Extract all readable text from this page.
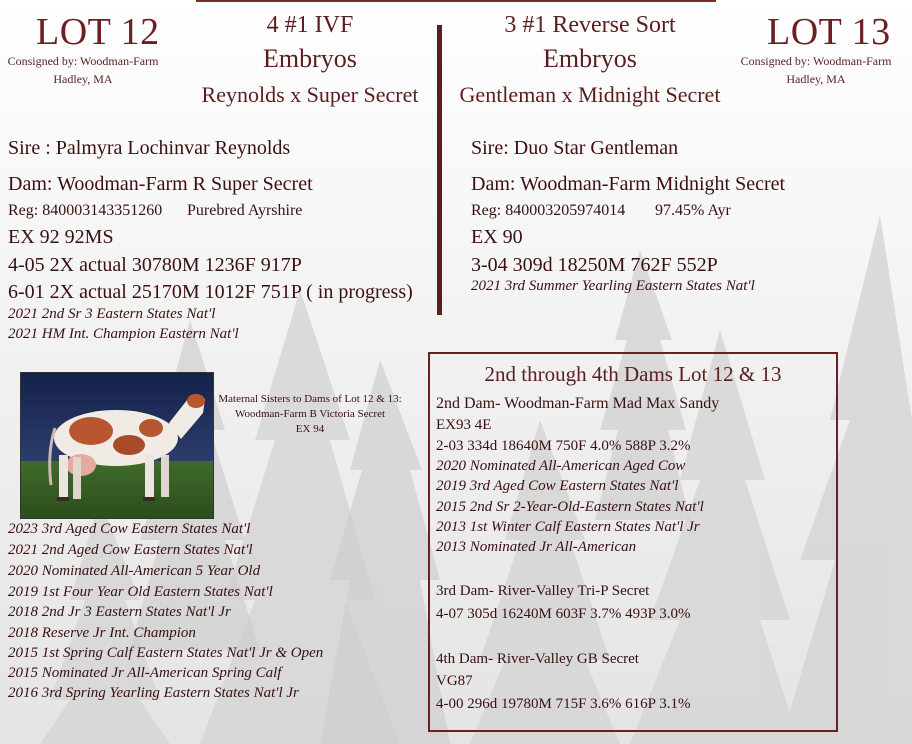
LOT 12
Consigned by: Woodman-Farm
Hadley, MA
4 #1 IVF
Embryos
Reynolds x Super Secret
3 #1 Reverse Sort
Embryos
Gentleman x Midnight Secret
LOT 13
Consigned by: Woodman-Farm
Hadley, MA
Sire : Palmyra Lochinvar Reynolds
Dam: Woodman-Farm R Super Secret
Reg: 840003143351260 Purebred Ayrshire
EX 92 92MS
4-05 2X actual 30780M 1236F 917P
6-01 2X actual 25170M 1012F 751P ( in progress)
2021 2nd Sr 3 Eastern States Nat'l
2021 HM Int. Champion Eastern Nat'l
Sire: Duo Star Gentleman
Dam: Woodman-Farm Midnight Secret
Reg: 840003205974014 97.45% Ayr
EX 90
3-04 309d 18250M 762F 552P
2021 3rd Summer Yearling Eastern States Nat'l
Maternal Sisters to Dams of Lot 12 & 13:
Woodman-Farm B Victoria Secret
EX 94
2023 3rd Aged Cow Eastern States Nat'l
2021 2nd Aged Cow Eastern States Nat'l
2020 Nominated All-American 5 Year Old
2019 1st Four Year Old Eastern States Nat'l
2018 2nd Jr 3 Eastern States Nat'l Jr
2018 Reserve Jr Int. Champion
2015 1st Spring Calf Eastern States Nat'l Jr & Open
2015 Nominated Jr All-American Spring Calf
2016 3rd Spring Yearling Eastern States Nat'l Jr
2nd through 4th Dams Lot 12 & 13
2nd Dam- Woodman-Farm Mad Max Sandy
EX93 4E
2-03 334d 18640M 750F 4.0% 588P 3.2%
2020 Nominated All-American Aged Cow
2019 3rd Aged Cow Eastern States Nat'l
2015 2nd Sr 2-Year-Old-Eastern States Nat'l
2013 1st Winter Calf Eastern States Nat'l Jr
2013 Nominated Jr All-American
3rd Dam- River-Valley Tri-P Secret
4-07 305d 16240M 603F 3.7% 493P 3.0%
4th Dam- River-Valley GB Secret
VG87
4-00 296d 19780M 715F 3.6% 616P 3.1%
